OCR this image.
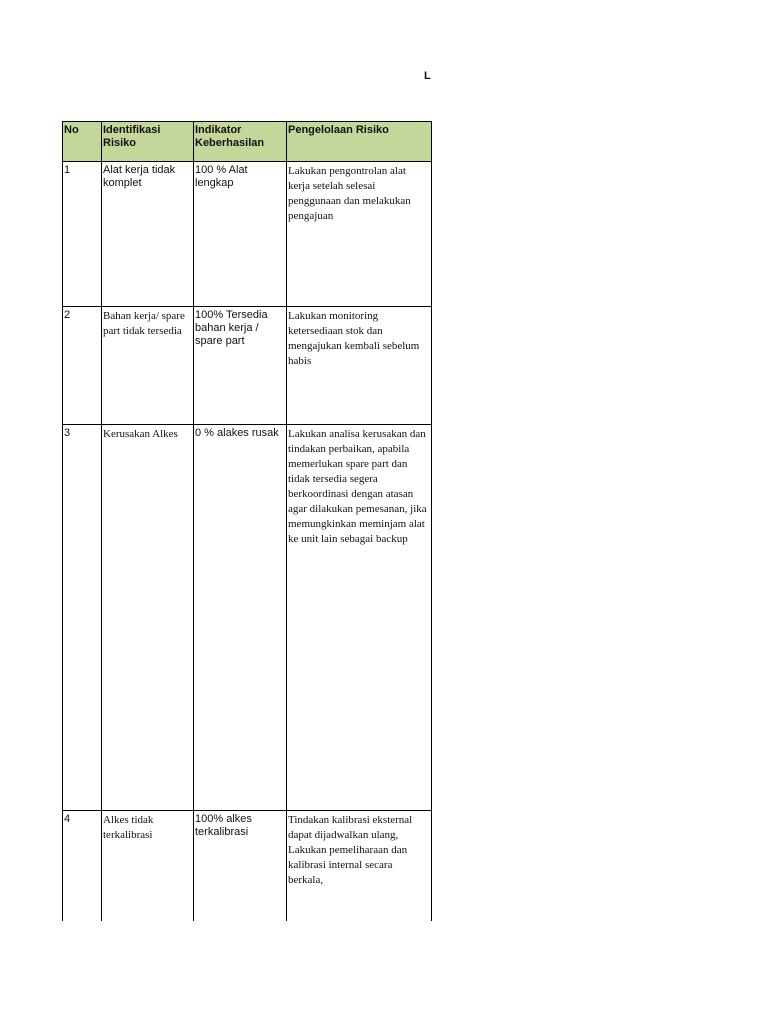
L
No	Identifikasi Risiko	Indikator Keberhasilan	Pengelolaan Risiko
1	Alat kerja tidak komplet	100 % Alat lengkap	Lakukan pengontrolan alat kerja setelah selesai penggunaan dan melakukan pengajuan
2	Bahan kerja/ spare part tidak tersedia	100% Tersedia bahan kerja / spare part	Lakukan monitoring ketersediaan stok dan mengajukan kembali sebelum habis
3	Kerusakan Alkes	0 % alakes rusak	Lakukan analisa kerusakan dan tindakan perbaikan, apabila memerlukan spare part dan tidak tersedia segera berkoordinasi dengan atasan agar dilakukan pemesanan, jika memungkinkan meminjam alat ke unit lain sebagai backup
4	Alkes tidak terkalibrasi	100% alkes terkalibrasi	Tindakan kalibrasi eksternal dapat dijadwalkan ulang, Lakukan pemeliharaan dan kalibrasi internal secara berkala,
